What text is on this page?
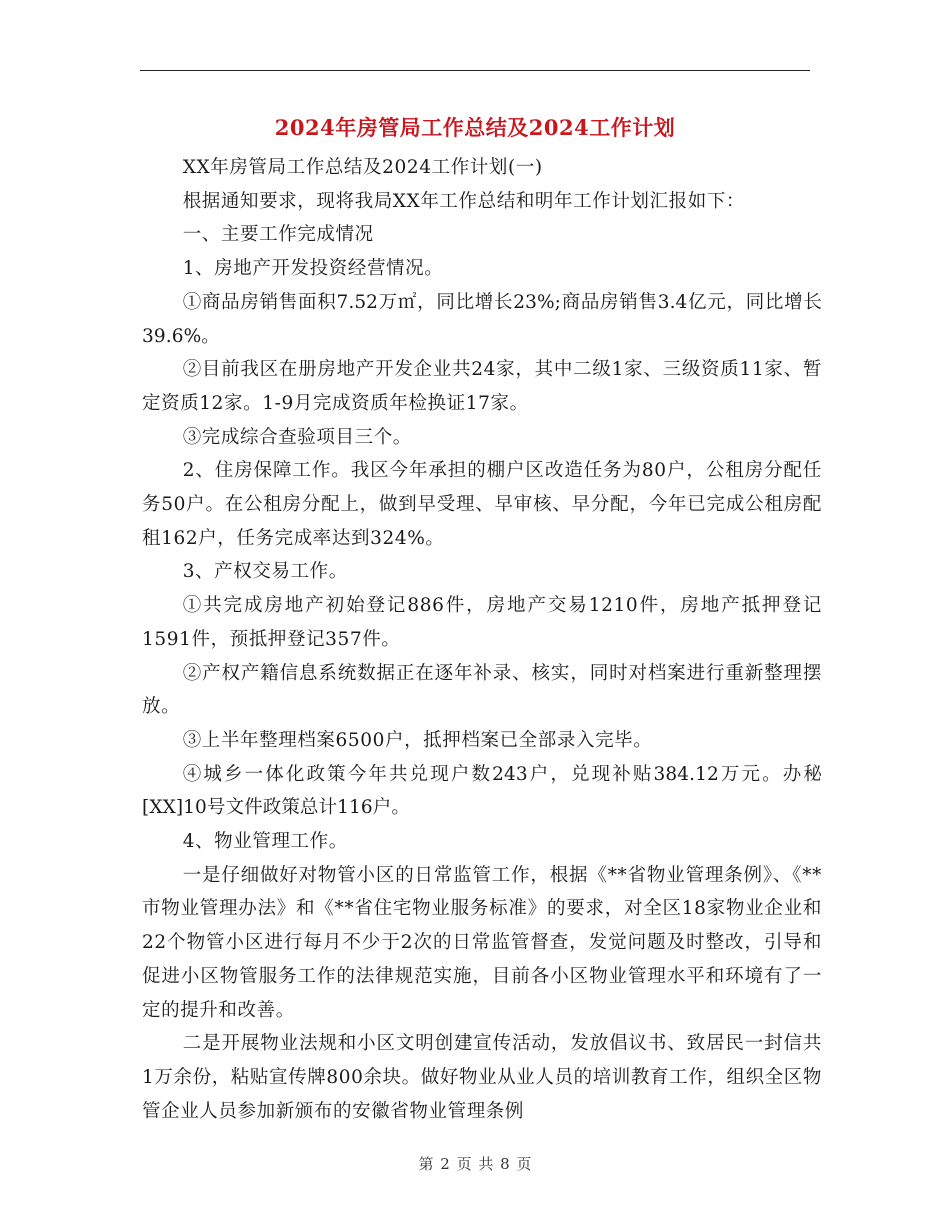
2024年房管局工作总结及2024工作计划

XX年房管局工作总结及2024工作计划(一)

根据通知要求，现将我局XX年工作总结和明年工作计划汇报如下：

一、主要工作完成情况

1、房地产开发投资经营情况。

①商品房销售面积7.52万㎡，同比增长23%;商品房销售3.4亿元，同比增长39.6%。

②目前我区在册房地产开发企业共24家，其中二级1家、三级资质11家、暂定资质12家。1-9月完成资质年检换证17家。

③完成综合查验项目三个。

2、住房保障工作。我区今年承担的棚户区改造任务为80户，公租房分配任务50户。在公租房分配上，做到早受理、早审核、早分配，今年已完成公租房配租162户，任务完成率达到324%。

3、产权交易工作。

①共完成房地产初始登记886件，房地产交易1210件，房地产抵押登记1591件，预抵押登记357件。

②产权产籍信息系统数据正在逐年补录、核实，同时对档案进行重新整理摆放。

③上半年整理档案6500户，抵押档案已全部录入完毕。

④城乡一体化政策今年共兑现户数243户，兑现补贴384.12万元。办秘[XX]10号文件政策总计116户。

4、物业管理工作。

一是仔细做好对物管小区的日常监管工作，根据《**省物业管理条例》、《**市物业管理办法》和《**省住宅物业服务标准》的要求，对全区18家物业企业和22个物管小区进行每月不少于2次的日常监管督查，发觉问题及时整改，引导和促进小区物管服务工作的法律规范实施，目前各小区物业管理水平和环境有了一定的提升和改善。

二是开展物业法规和小区文明创建宣传活动，发放倡议书、致居民一封信共1万余份，粘贴宣传牌800余块。做好物业从业人员的培训教育工作，组织全区物管企业人员参加新颁布的安徽省物业管理条例

第 2 页 共 8 页
